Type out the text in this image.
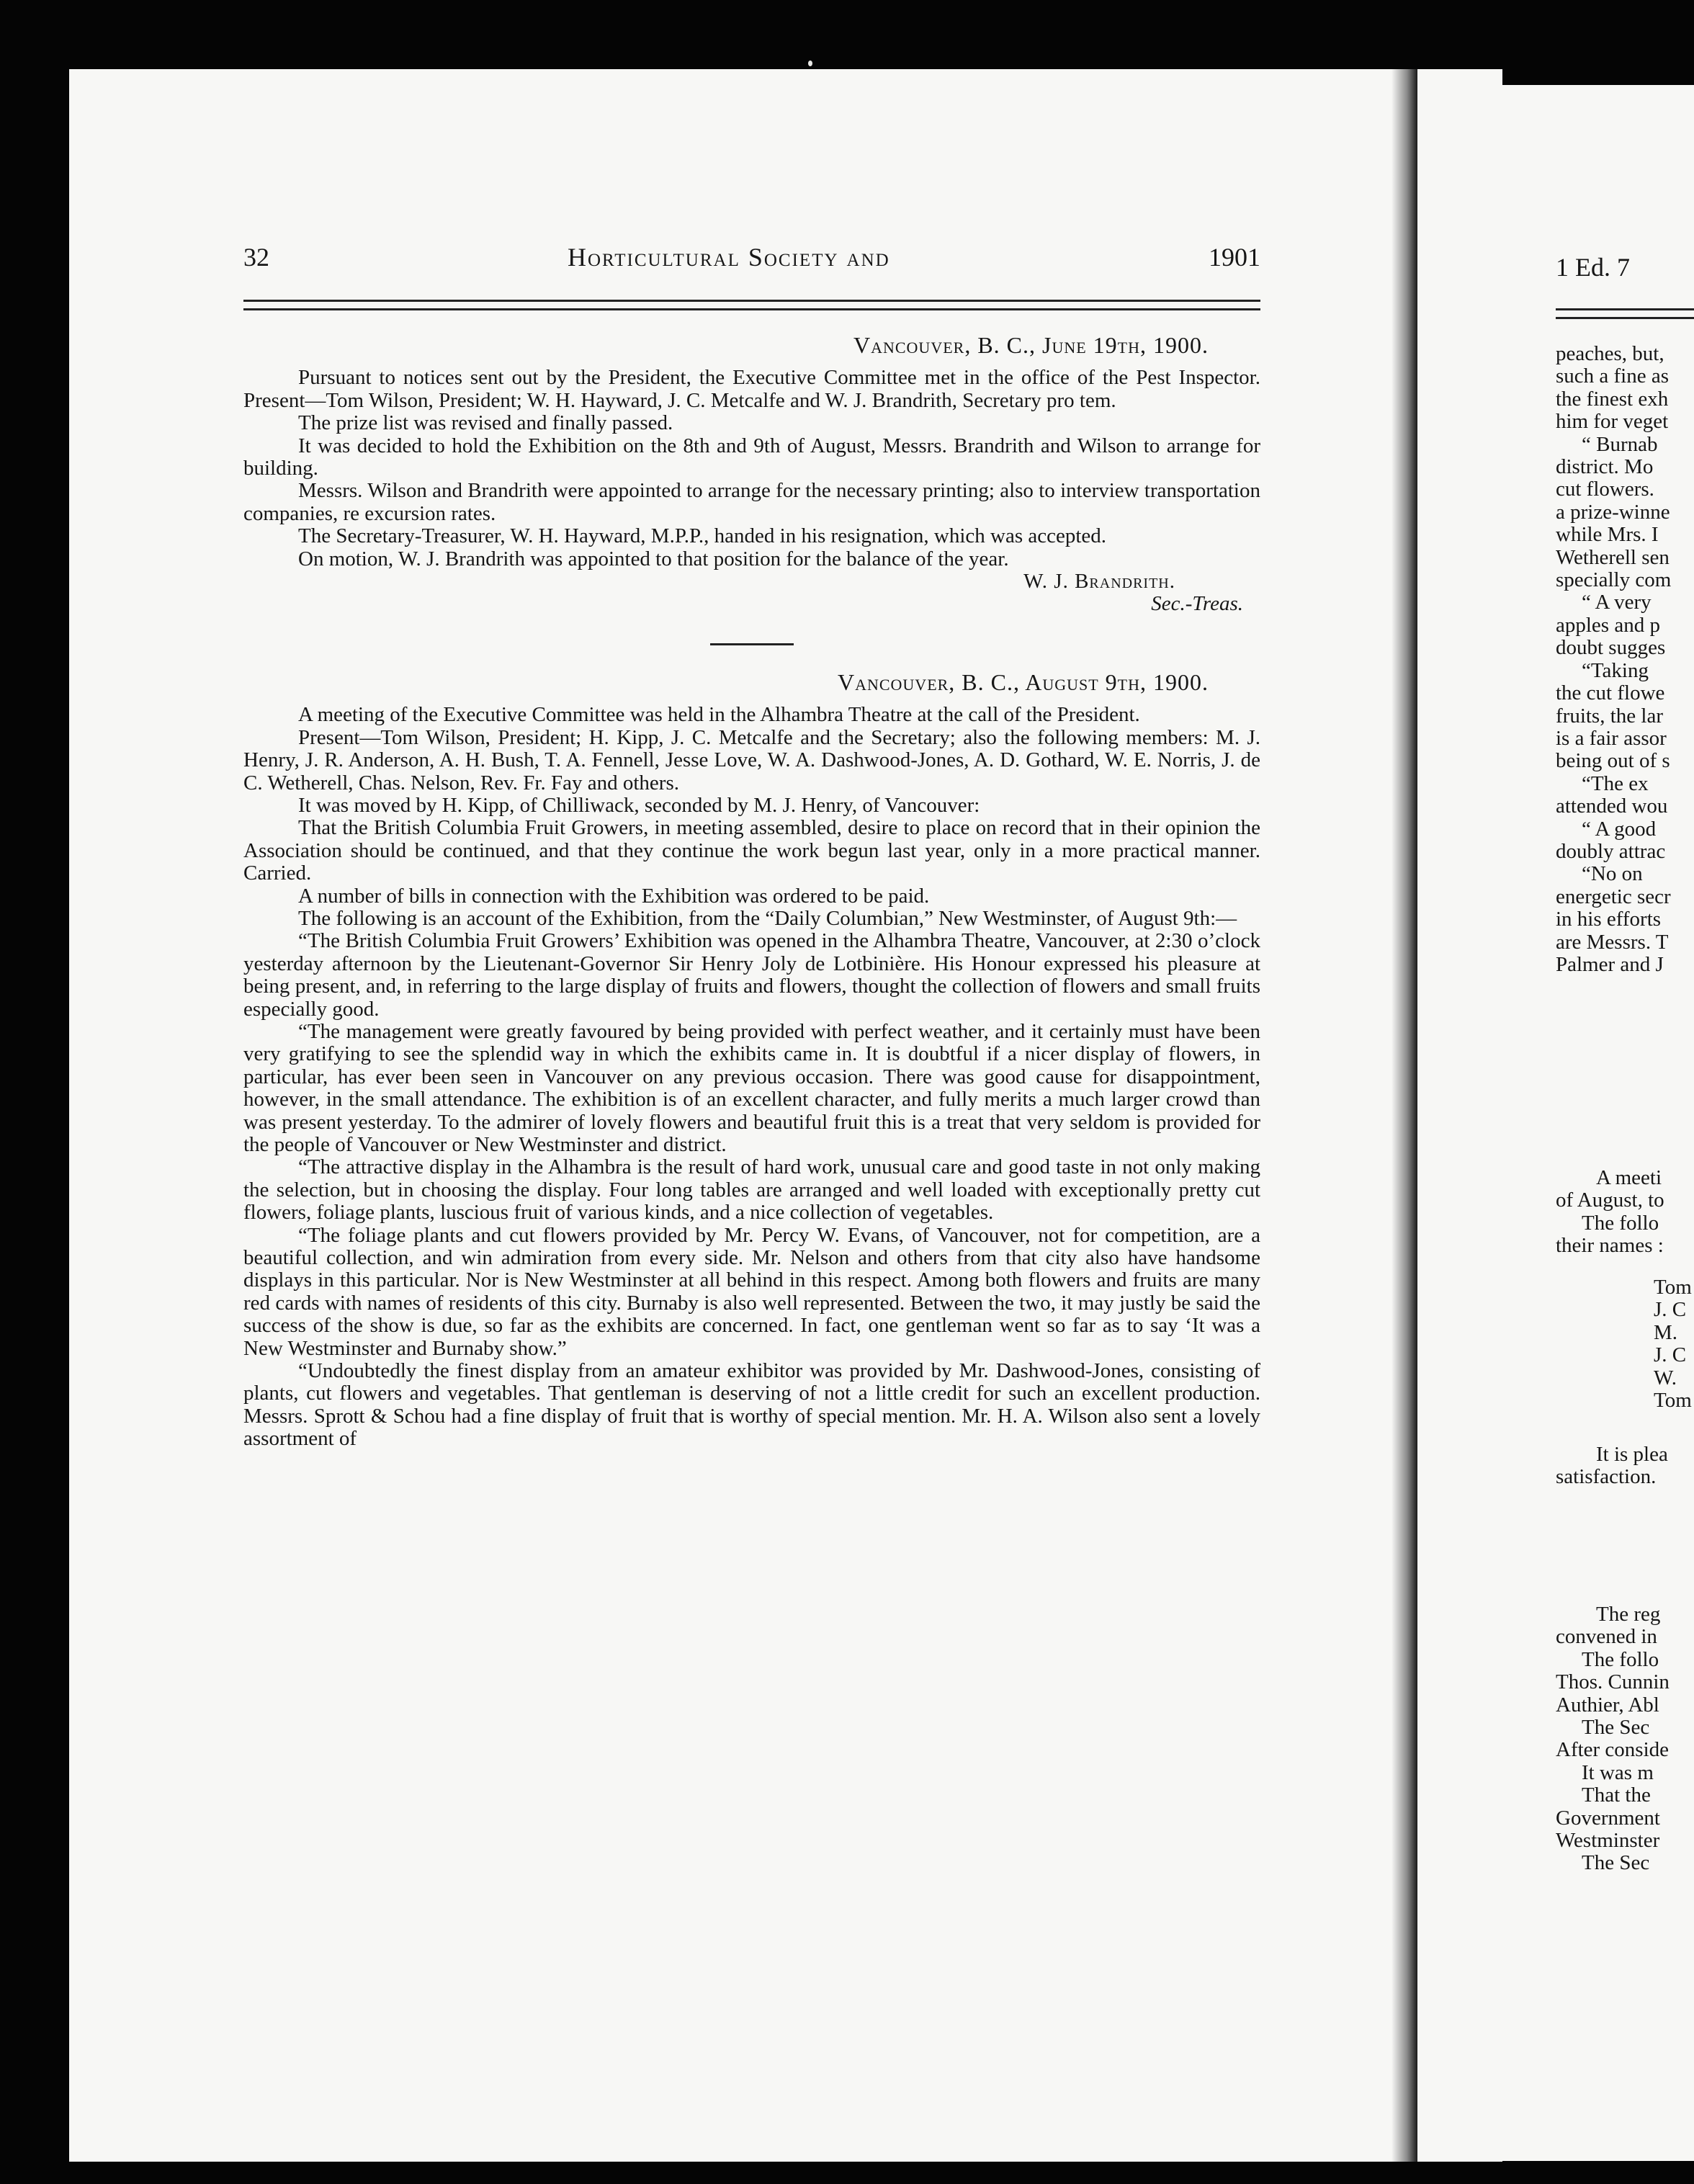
32	Horticultural Society and	1901

Vancouver, B. C., June 19th, 1900.

Pursuant to notices sent out by the President, the Executive Committee met in the office of the Pest Inspector. Present—Tom Wilson, President; W. H. Hayward, J. C. Metcalfe and W. J. Brandrith, Secretary pro tem.

The prize list was revised and finally passed.

It was decided to hold the Exhibition on the 8th and 9th of August, Messrs. Brandrith and Wilson to arrange for building.

Messrs. Wilson and Brandrith were appointed to arrange for the necessary printing; also to interview transportation companies, re excursion rates.

The Secretary-Treasurer, W. H. Hayward, M.P.P., handed in his resignation, which was accepted.

On motion, W. J. Brandrith was appointed to that position for the balance of the year.

W. J. Brandrith.

Sec.-Treas.

Vancouver, B. C., August 9th, 1900.

A meeting of the Executive Committee was held in the Alhambra Theatre at the call of the President.

Present—Tom Wilson, President; H. Kipp, J. C. Metcalfe and the Secretary; also the following members: M. J. Henry, J. R. Anderson, A. H. Bush, T. A. Fennell, Jesse Love, W. A. Dashwood-Jones, A. D. Gothard, W. E. Norris, J. de C. Wetherell, Chas. Nelson, Rev. Fr. Fay and others.

It was moved by H. Kipp, of Chilliwack, seconded by M. J. Henry, of Vancouver:

That the British Columbia Fruit Growers, in meeting assembled, desire to place on record that in their opinion the Association should be continued, and that they continue the work begun last year, only in a more practical manner. Carried.

A number of bills in connection with the Exhibition was ordered to be paid.

The following is an account of the Exhibition, from the “Daily Columbian,” New Westminster, of August 9th:—

“The British Columbia Fruit Growers’ Exhibition was opened in the Alhambra Theatre, Vancouver, at 2:30 o’clock yesterday afternoon by the Lieutenant-Governor Sir Henry Joly de Lotbinière. His Honour expressed his pleasure at being present, and, in referring to the large display of fruits and flowers, thought the collection of flowers and small fruits especially good.

“The management were greatly favoured by being provided with perfect weather, and it certainly must have been very gratifying to see the splendid way in which the exhibits came in. It is doubtful if a nicer display of flowers, in particular, has ever been seen in Vancouver on any previous occasion. There was good cause for disappointment, however, in the small attendance. The exhibition is of an excellent character, and fully merits a much larger crowd than was present yesterday. To the admirer of lovely flowers and beautiful fruit this is a treat that very seldom is provided for the people of Vancouver or New Westminster and district.

“The attractive display in the Alhambra is the result of hard work, unusual care and good taste in not only making the selection, but in choosing the display. Four long tables are arranged and well loaded with exceptionally pretty cut flowers, foliage plants, luscious fruit of various kinds, and a nice collection of vegetables.

“The foliage plants and cut flowers provided by Mr. Percy W. Evans, of Vancouver, not for competition, are a beautiful collection, and win admiration from every side. Mr. Nelson and others from that city also have handsome displays in this particular. Nor is New Westminster at all behind in this respect. Among both flowers and fruits are many red cards with names of residents of this city. Burnaby is also well represented. Between the two, it may justly be said the success of the show is due, so far as the exhibits are concerned. In fact, one gentleman went so far as to say ‘It was a New Westminster and Burnaby show.”

“Undoubtedly the finest display from an amateur exhibitor was provided by Mr. Dashwood-Jones, consisting of plants, cut flowers and vegetables. That gentleman is deserving of not a little credit for such an excellent production. Messrs. Sprott & Schou had a fine display of fruit that is worthy of special mention. Mr. H. A. Wilson also sent a lovely assortment of

1 Ed. 7
peaches, but,
such a fine as
the finest exh
him for veget
“ Burnab
district. Mo
cut flowers.
a prize-winne
while Mrs. I
Wetherell sen
specially com
“ A very
apples and p
doubt sugges
“Taking
the cut flowe
fruits, the lar
is a fair assor
being out of s
“The ex
attended wou
“ A good
doubly attrac
“No on
energetic secr
in his efforts
are Messrs. T
Palmer and J
A meeti
of August, to
The follo
their names :
Tom
J. C
M.
J. C
W.
Tom
It is plea
satisfaction.
The reg
convened in
The follo
Thos. Cunnin
Authier, Abl
The Sec
After conside
It was m
That the
Government
Westminster
The Sec
